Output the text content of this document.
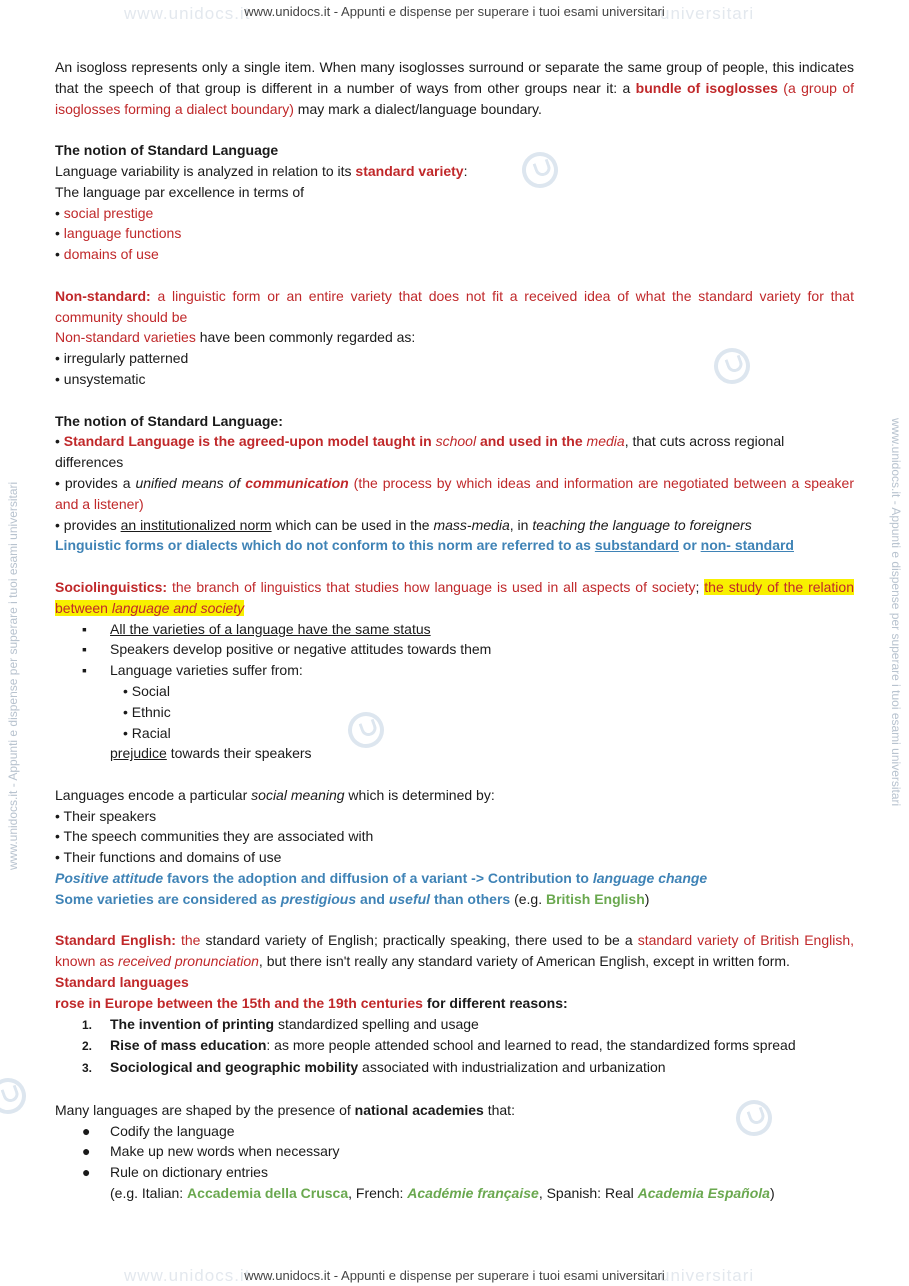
www.unidocs.it	universitari
www.unidocs.it - Appunti e dispense per superare i tuoi esami universitari
www.unidocs.it	universitari
www.unidocs.it - Appunti e dispense per superare i tuoi esami universitari
www.unidocs.it - Appunti e dispense per superare i tuoi esami universitari	www.unidocs.it - Appunti e dispense per superare i tuoi esami universitari

An isogloss represents only a single item. When many isoglosses surround or separate the same group of people, this indicates that the speech of that group is different in a number of ways from other groups near it: a bundle of isoglosses (a group of isoglosses forming a dialect boundary) may mark a dialect/language boundary.

The notion of Standard Language

Language variability is analyzed in relation to its standard variety:

The language par excellence in terms of

• social prestige

• language functions

• domains of use

Non-standard: a linguistic form or an entire variety that does not fit a received idea of what the standard variety for that community should be

Non-standard varieties have been commonly regarded as:

• irregularly patterned

• unsystematic

The notion of Standard Language:

• Standard Language is the agreed-upon model taught in school and used in the media, that cuts across regional differences

• provides a unified means of communication (the process by which ideas and information are negotiated between a speaker and a listener)

• provides an institutionalized norm which can be used in the mass-media, in teaching the language to foreigners

Linguistic forms or dialects which do not conform to this norm are referred to as substandard or non- standard

Sociolinguistics: the branch of linguistics that studies how language is used in all aspects of society; the study of the relation between language and society

▪ All the varieties of a language have the same status

▪ Speakers develop positive or negative attitudes towards them

▪ Language varieties suffer from:

• Social

• Ethnic

• Racial

prejudice towards their speakers

Languages encode a particular social meaning which is determined by:

• Their speakers

• The speech communities they are associated with

• Their functions and domains of use

Positive attitude favors the adoption and diffusion of a variant -> Contribution to language change

Some varieties are considered as prestigious and useful than others (e.g. British English)

Standard English: the standard variety of English; practically speaking, there used to be a standard variety of British English, known as received pronunciation, but there isn't really any standard variety of American English, except in written form.

Standard languages

rose in Europe between the 15th and the 19th centuries for different reasons:

1. The invention of printing standardized spelling and usage

2. Rise of mass education: as more people attended school and learned to read, the standardized forms spread

3. Sociological and geographic mobility associated with industrialization and urbanization

Many languages are shaped by the presence of national academies that:

● Codify the language

● Make up new words when necessary

● Rule on dictionary entries

(e.g. Italian: Accademia della Crusca, French: Académie française, Spanish: Real Academia Española)
